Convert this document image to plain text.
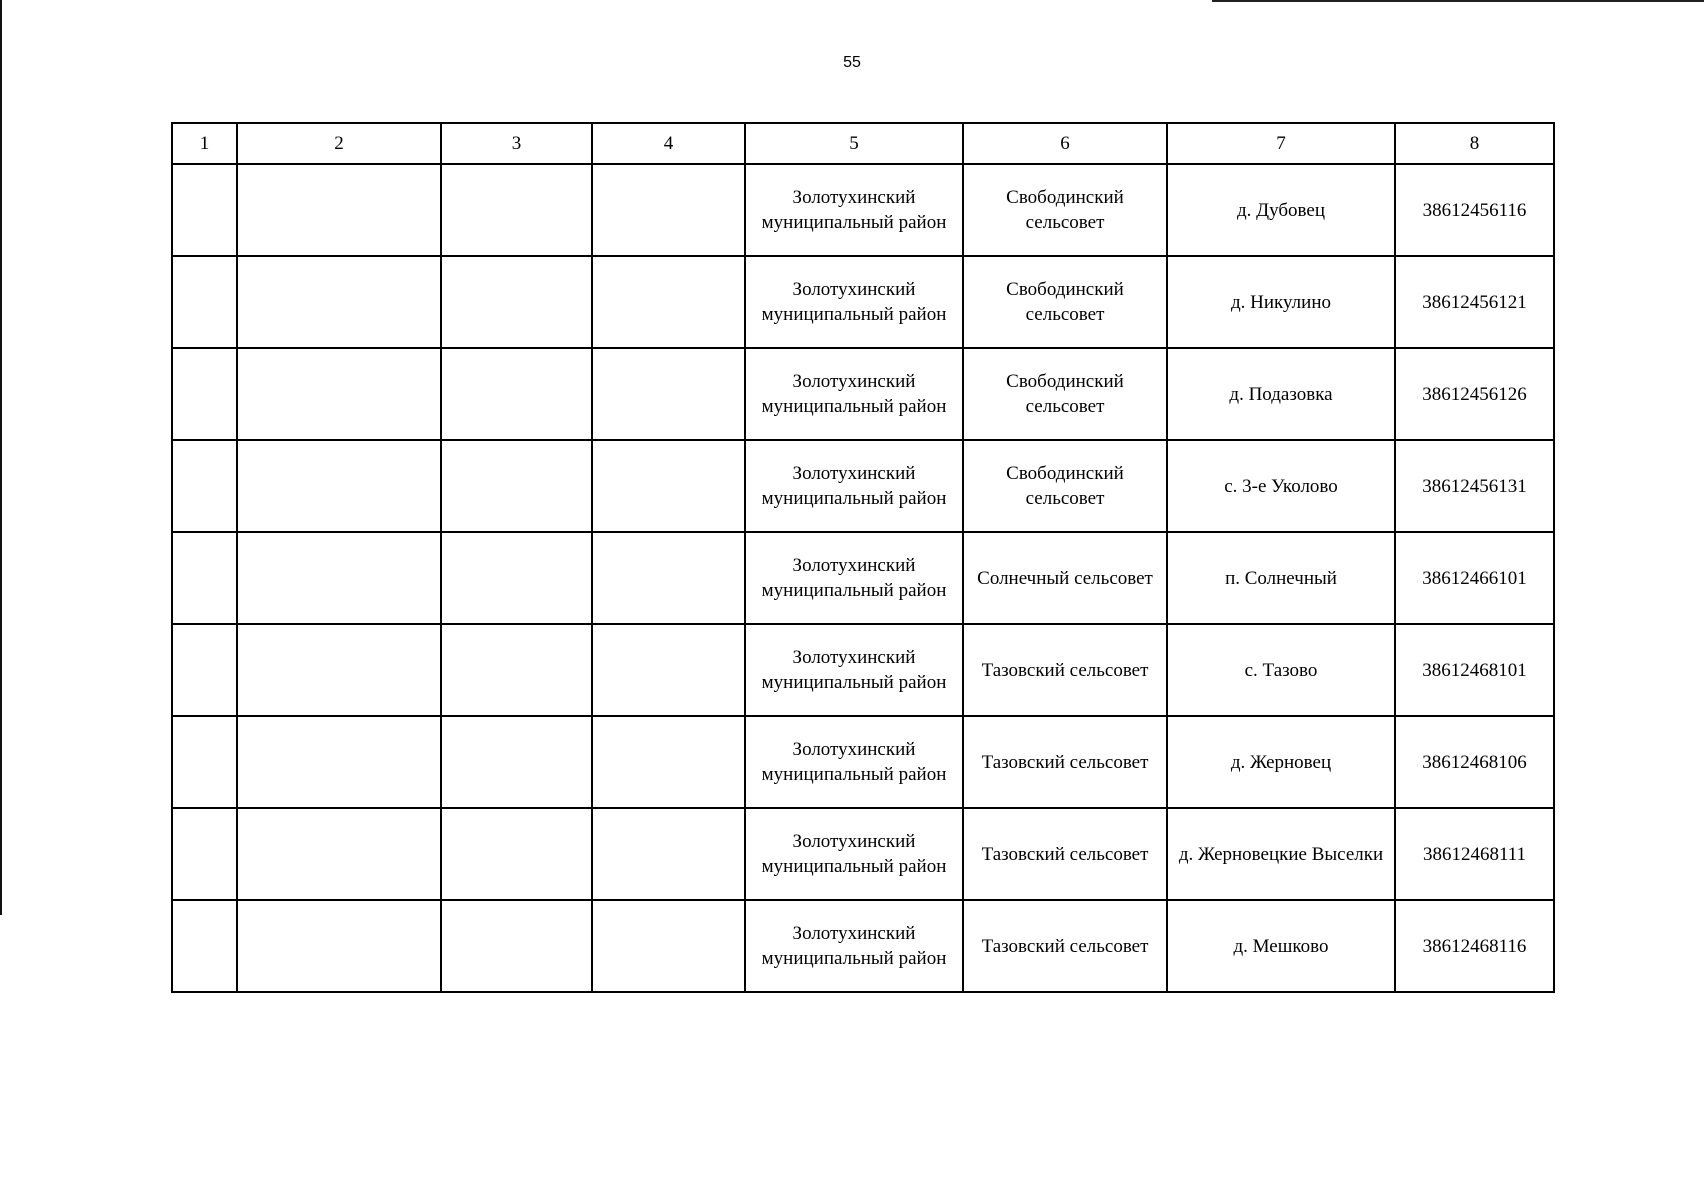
55
1	2	3	4	5	6	7	8
				Золотухинский муниципальный район	Свободинский сельсовет	д. Дубовец	38612456116
				Золотухинский муниципальный район	Свободинский сельсовет	д. Никулино	38612456121
				Золотухинский муниципальный район	Свободинский сельсовет	д. Подазовка	38612456126
				Золотухинский муниципальный район	Свободинский сельсовет	с. 3-е Уколово	38612456131
				Золотухинский муниципальный район	Солнечный сельсовет	п. Солнечный	38612466101
				Золотухинский муниципальный район	Тазовский сельсовет	с. Тазово	38612468101
				Золотухинский муниципальный район	Тазовский сельсовет	д. Жерновец	38612468106
				Золотухинский муниципальный район	Тазовский сельсовет	д. Жерновецкие Выселки	38612468111
				Золотухинский муниципальный район	Тазовский сельсовет	д. Мешково	38612468116
